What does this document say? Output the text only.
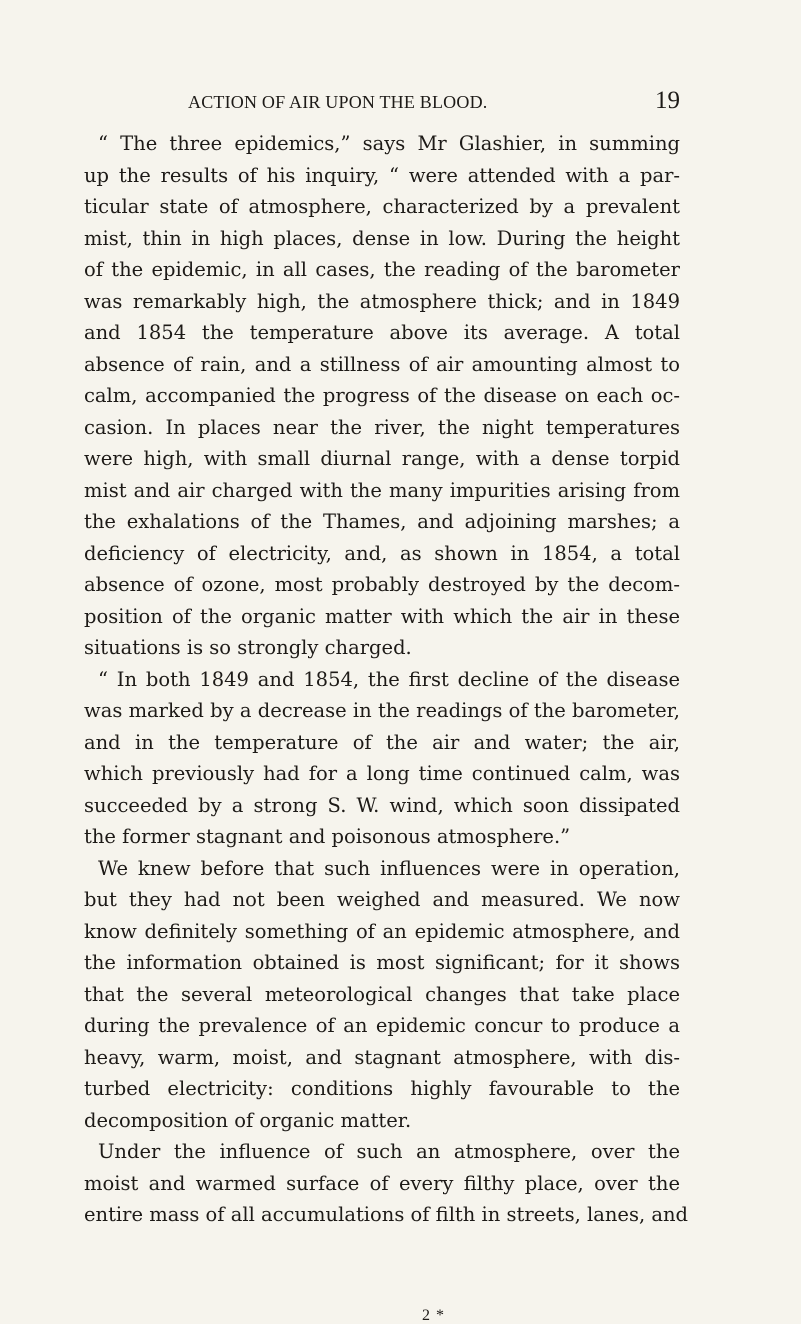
ACTION OF AIR UPON THE BLOOD.	19
“ The three epidemics,” says Mr Glashier, in summing
up the results of his inquiry, “ were attended with a par-
ticular state of atmosphere, characterized by a prevalent
mist, thin in high places, dense in low. During the height
of the epidemic, in all cases, the reading of the barometer
was remarkably high, the atmosphere thick; and in 1849
and 1854 the temperature above its average. A total
absence of rain, and a stillness of air amounting almost to
calm, accompanied the progress of the disease on each oc-
casion. In places near the river, the night temperatures
were high, with small diurnal range, with a dense torpid
mist and air charged with the many impurities arising from
the exhalations of the Thames, and adjoining marshes; a
deficiency of electricity, and, as shown in 1854, a total
absence of ozone, most probably destroyed by the decom-
position of the organic matter with which the air in these
situations is so strongly charged.
“ In both 1849 and 1854, the first decline of the disease
was marked by a decrease in the readings of the barometer,
and in the temperature of the air and water; the air,
which previously had for a long time continued calm, was
succeeded by a strong S. W. wind, which soon dissipated
the former stagnant and poisonous atmosphere.”
We knew before that such influences were in operation,
but they had not been weighed and measured. We now
know definitely something of an epidemic atmosphere, and
the information obtained is most significant; for it shows
that the several meteorological changes that take place
during the prevalence of an epidemic concur to produce a
heavy, warm, moist, and stagnant atmosphere, with dis-
turbed electricity: conditions highly favourable to the
decomposition of organic matter.
Under the influence of such an atmosphere, over the
moist and warmed surface of every filthy place, over the
entire mass of all accumulations of filth in streets, lanes, and
2 *
